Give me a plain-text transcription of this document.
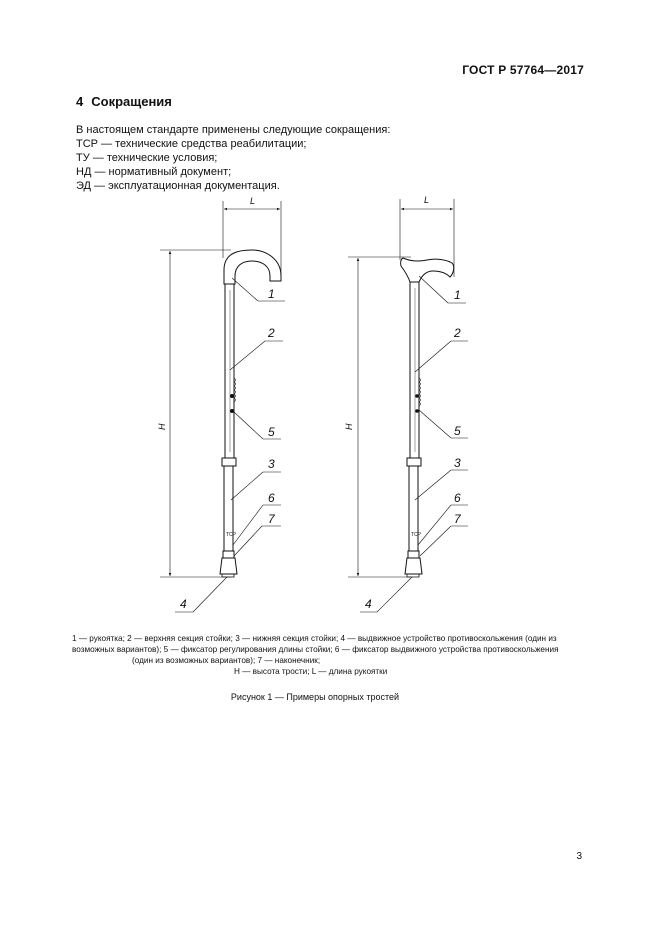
ГОСТ Р 57764—2017
4 Сокращения
В настоящем стандарте применены следующие сокращения:
ТСР — технические средства реабилитации;
ТУ — технические условия;
НД — нормативный документ;
ЭД — эксплуатационная документация.
L
H
ТСР
1
2
5
3
6
7
4
L
H
ТСР
1
2
5
3
6
7
4
1 — рукоятка; 2 — верхняя секция стойки; 3 — нижняя секция стойки; 4 — выдвижное устройство противоскольжения (один из
возможных вариантов); 5 — фиксатор регулирования длины стойки; 6 — фиксатор выдвижного устройства противоскольжения
(один из возможных вариантов); 7 — наконечник;
H — высота трости; L — длина рукоятки
Рисунок 1 — Примеры опорных тростей
3
